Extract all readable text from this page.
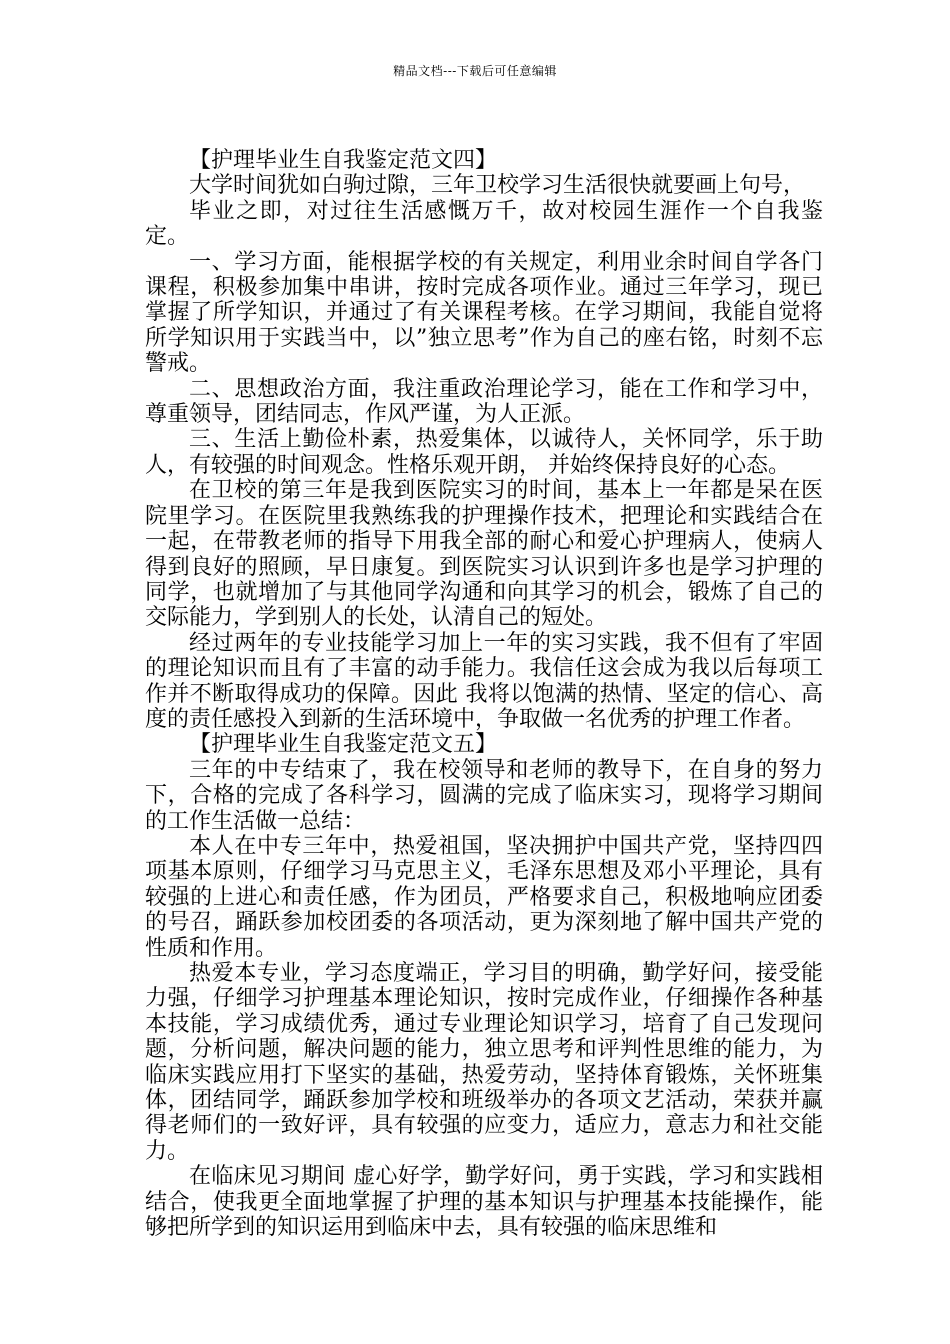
精品文档---下载后可任意编辑

【护理毕业生自我鉴定范文四】

大学时间犹如白驹过隙，三年卫校学习生活很快就要画上句号，

毕业之即，对过往生活感慨万千，故对校园生涯作一个自我鉴定。

一、学习方面，能根据学校的有关规定，利用业余时间自学各门课程，积极参加集中串讲，按时完成各项作业。通过三年学习，现已掌握了所学知识，并通过了有关课程考核。在学习期间，我能自觉将所学知识用于实践当中，以”独立思考”作为自己的座右铭，时刻不忘警戒。

二、思想政治方面，我注重政治理论学习，能在工作和学习中，尊重领导，团结同志，作风严谨，为人正派。

三、生活上勤俭朴素，热爱集体，以诚待人，关怀同学，乐于助人，有较强的时间观念。性格乐观开朗， 并始终保持良好的心态。

在卫校的第三年是我到医院实习的时间，基本上一年都是呆在医院里学习。在医院里我熟练我的护理操作技术，把理论和实践结合在一起，在带教老师的指导下用我全部的耐心和爱心护理病人，使病人得到良好的照顾，早日康复。到医院实习认识到许多也是学习护理的同学，也就增加了与其他同学沟通和向其学习的机会，锻炼了自己的交际能力，学到别人的长处，认清自己的短处。

经过两年的专业技能学习加上一年的实习实践，我不但有了牢固的理论知识而且有了丰富的动手能力。我信任这会成为我以后每项工作并不断取得成功的保障。因此 我将以饱满的热情、坚定的信心、高度的责任感投入到新的生活环境中，争取做一名优秀的护理工作者。

【护理毕业生自我鉴定范文五】

三年的中专结束了，我在校领导和老师的教导下，在自身的努力下，合格的完成了各科学习，圆满的完成了临床实习，现将学习期间的工作生活做一总结：

本人在中专三年中，热爱祖国，坚决拥护中国共产党，坚持四四项基本原则，仔细学习马克思主义，毛泽东思想及邓小平理论，具有较强的上进心和责任感，作为团员，严格要求自己，积极地响应团委的号召，踊跃参加校团委的各项活动，更为深刻地了解中国共产党的性质和作用。

热爱本专业，学习态度端正，学习目的明确，勤学好问，接受能力强，仔细学习护理基本理论知识，按时完成作业，仔细操作各种基本技能，学习成绩优秀，通过专业理论知识学习，培育了自己发现问题，分析问题，解决问题的能力，独立思考和评判性思维的能力，为临床实践应用打下坚实的基础，热爱劳动，坚持体育锻炼，关怀班集体，团结同学，踊跃参加学校和班级举办的各项文艺活动，荣获并赢得老师们的一致好评，具有较强的应变力，适应力，意志力和社交能力。

在临床见习期间 虚心好学，勤学好问，勇于实践，学习和实践相结合，使我更全面地掌握了护理的基本知识与护理基本技能操作，能够把所学到的知识运用到临床中去，具有较强的临床思维和
